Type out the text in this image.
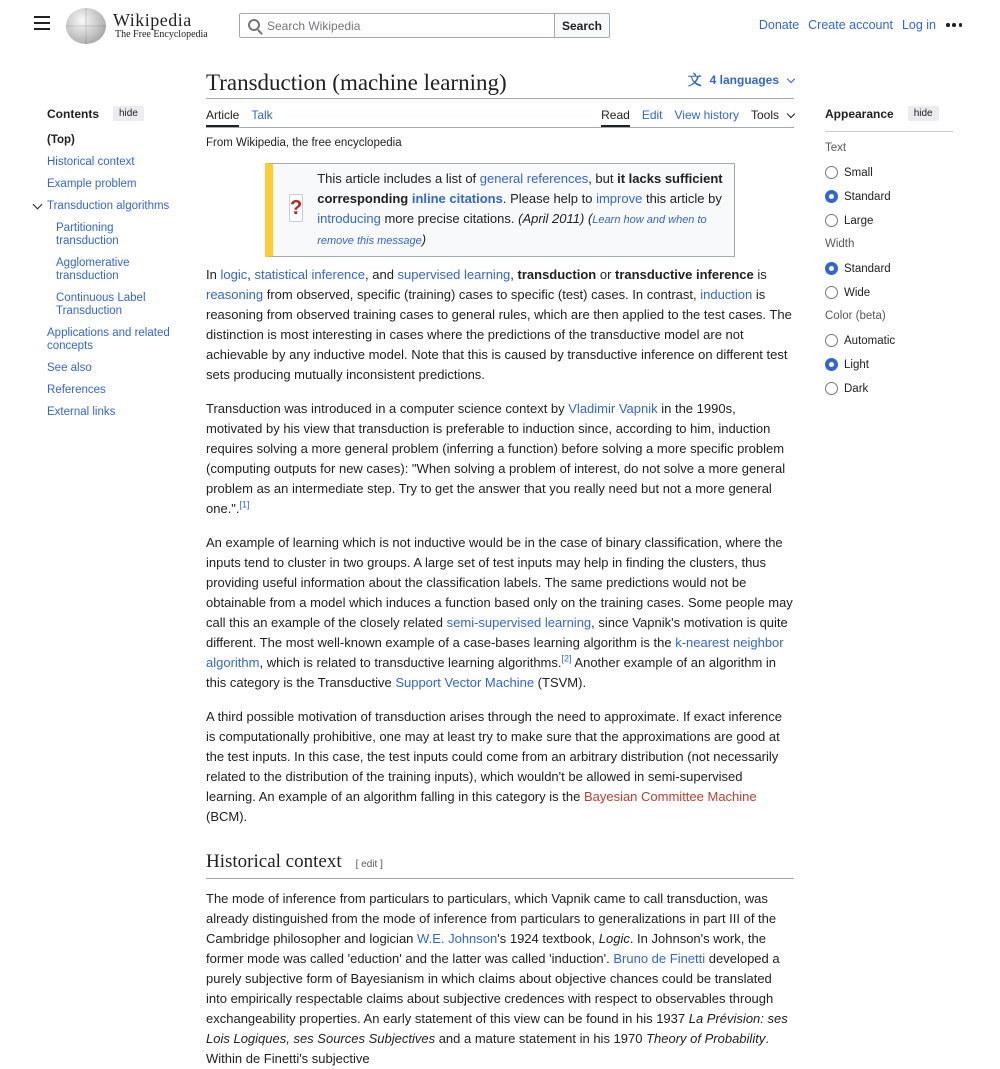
Wikipedia
The Free Encyclopedia
Search Wikipedia	Search	Donate Create account Log in
Contents	hide
(Top)
Historical context
Example problem
Transduction algorithms
Partitioning transduction
Agglomerative transduction
Continuous Label Transduction
Applications and related concepts
See also
References
External links
Appearance	hide
Text
Small
Standard
Large
Width
Standard
Wide
Color (beta)
Automatic
Light
Dark
Transduction (machine learning)	文 4 languages
Article Talk	Read Edit View history Tools
From Wikipedia, the free encyclopedia
?
This article includes a list of general references, but it lacks sufficient corresponding inline citations. Please help to improve this article by introducing more precise citations. (April 2011) (Learn how and when to remove this message)

In logic, statistical inference, and supervised learning, transduction or transductive inference is reasoning from observed, specific (training) cases to specific (test) cases. In contrast, induction is reasoning from observed training cases to general rules, which are then applied to the test cases. The distinction is most interesting in cases where the predictions of the transductive model are not achievable by any inductive model. Note that this is caused by transductive inference on different test sets producing mutually inconsistent predictions.

Transduction was introduced in a computer science context by Vladimir Vapnik in the 1990s, motivated by his view that transduction is preferable to induction since, according to him, induction requires solving a more general problem (inferring a function) before solving a more specific problem (computing outputs for new cases): "When solving a problem of interest, do not solve a more general problem as an intermediate step. Try to get the answer that you really need but not a more general one.".[1]

An example of learning which is not inductive would be in the case of binary classification, where the inputs tend to cluster in two groups. A large set of test inputs may help in finding the clusters, thus providing useful information about the classification labels. The same predictions would not be obtainable from a model which induces a function based only on the training cases. Some people may call this an example of the closely related semi-supervised learning, since Vapnik's motivation is quite different. The most well-known example of a case-bases learning algorithm is the k-nearest neighbor algorithm, which is related to transductive learning algorithms.[2] Another example of an algorithm in this category is the Transductive Support Vector Machine (TSVM).

A third possible motivation of transduction arises through the need to approximate. If exact inference is computationally prohibitive, one may at least try to make sure that the approximations are good at the test inputs. In this case, the test inputs could come from an arbitrary distribution (not necessarily related to the distribution of the training inputs), which wouldn't be allowed in semi-supervised learning. An example of an algorithm falling in this category is the Bayesian Committee Machine (BCM).

Historical context [ edit ]

The mode of inference from particulars to particulars, which Vapnik came to call transduction, was already distinguished from the mode of inference from particulars to generalizations in part III of the Cambridge philosopher and logician W.E. Johnson's 1924 textbook, Logic. In Johnson's work, the former mode was called 'eduction' and the latter was called 'induction'. Bruno de Finetti developed a purely subjective form of Bayesianism in which claims about objective chances could be translated into empirically respectable claims about subjective credences with respect to observables through exchangeability properties. An early statement of this view can be found in his 1937 La Prévision: ses Lois Logiques, ses Sources Subjectives and a mature statement in his 1970 Theory of Probability. Within de Finetti's subjective
